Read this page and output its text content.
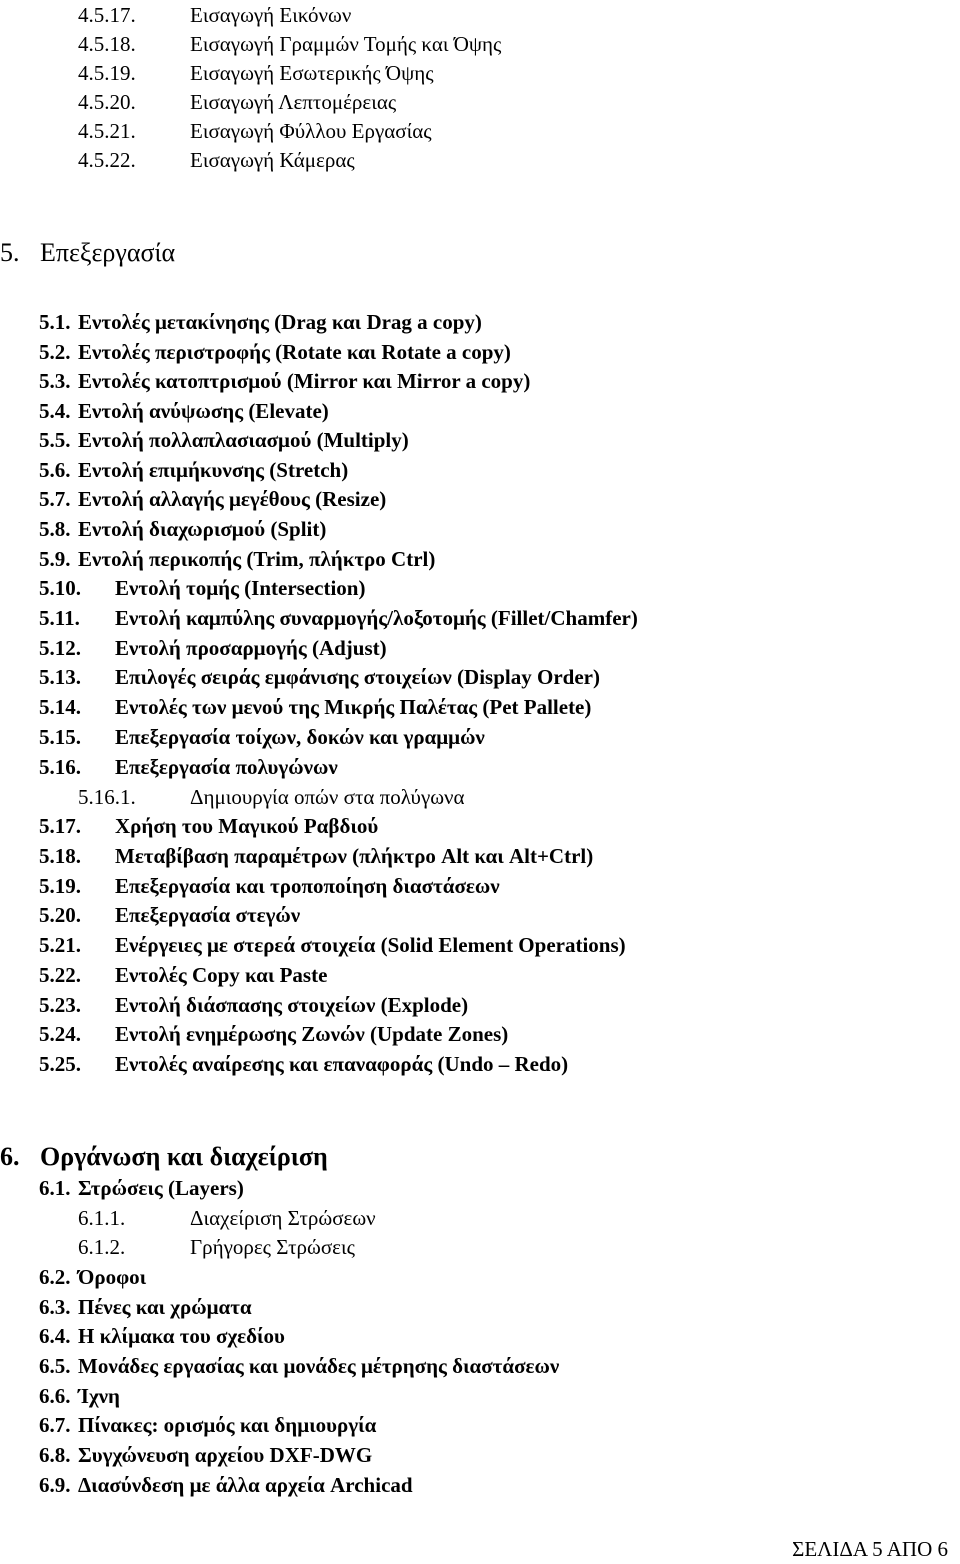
4.5.17.	Εισαγωγή Εικόνων
4.5.18.	Εισαγωγή Γραμμών Τομής και Όψης
4.5.19.	Εισαγωγή Εσωτερικής Όψης
4.5.20.	Εισαγωγή Λεπτομέρειας
4.5.21.	Εισαγωγή Φύλλου Εργασίας
4.5.22.	Εισαγωγή Κάμερας
5. Επεξεργασία
5.1. Εντολές μετακίνησης (Drag και Drag a copy)
5.2. Εντολές περιστροφής (Rotate και Rotate a copy)
5.3. Εντολές κατοπτρισμού (Mirror και Mirror a copy)
5.4. Εντολή ανύψωσης (Elevate)
5.5. Εντολή πολλαπλασιασμού (Multiply)
5.6. Εντολή επιμήκυνσης (Stretch)
5.7. Εντολή αλλαγής μεγέθους (Resize)
5.8. Εντολή διαχωρισμού (Split)
5.9. Εντολή περικοπής (Trim, πλήκτρο Ctrl)
5.10. Εντολή τομής (Intersection)
5.11. Εντολή καμπύλης συναρμογής/λοξοτομής (Fillet/Chamfer)
5.12. Εντολή προσαρμογής (Adjust)
5.13. Επιλογές σειράς εμφάνισης στοιχείων (Display Order)
5.14. Εντολές των μενού της Μικρής Παλέτας (Pet Pallete)
5.15. Επεξεργασία τοίχων, δοκών και γραμμών
5.16. Επεξεργασία πολυγώνων
5.16.1.	Δημιουργία οπών στα πολύγωνα
5.17. Χρήση του Μαγικού Ραβδιού
5.18. Μεταβίβαση παραμέτρων (πλήκτρο Alt και Alt+Ctrl)
5.19. Επεξεργασία και τροποποίηση διαστάσεων
5.20. Επεξεργασία στεγών
5.21. Ενέργειες με στερεά στοιχεία (Solid Element Operations)
5.22. Εντολές Copy και Paste
5.23. Εντολή διάσπασης στοιχείων (Explode)
5.24. Εντολή ενημέρωσης Ζωνών (Update Zones)
5.25. Εντολές αναίρεσης και επαναφοράς (Undo – Redo)
6. Οργάνωση και διαχείριση
6.1. Στρώσεις (Layers)
6.1.1.	Διαχείριση Στρώσεων
6.1.2.	Γρήγορες Στρώσεις
6.2. Όροφοι
6.3. Πένες και χρώματα
6.4. Η κλίμακα του σχεδίου
6.5. Μονάδες εργασίας και μονάδες μέτρησης διαστάσεων
6.6. Ίχνη
6.7. Πίνακες: ορισμός και δημιουργία
6.8. Συγχώνευση αρχείου DXF-DWG
6.9. Διασύνδεση με άλλα αρχεία Archicad
ΣΕΛΙΔΑ 5 ΑΠΟ 6
